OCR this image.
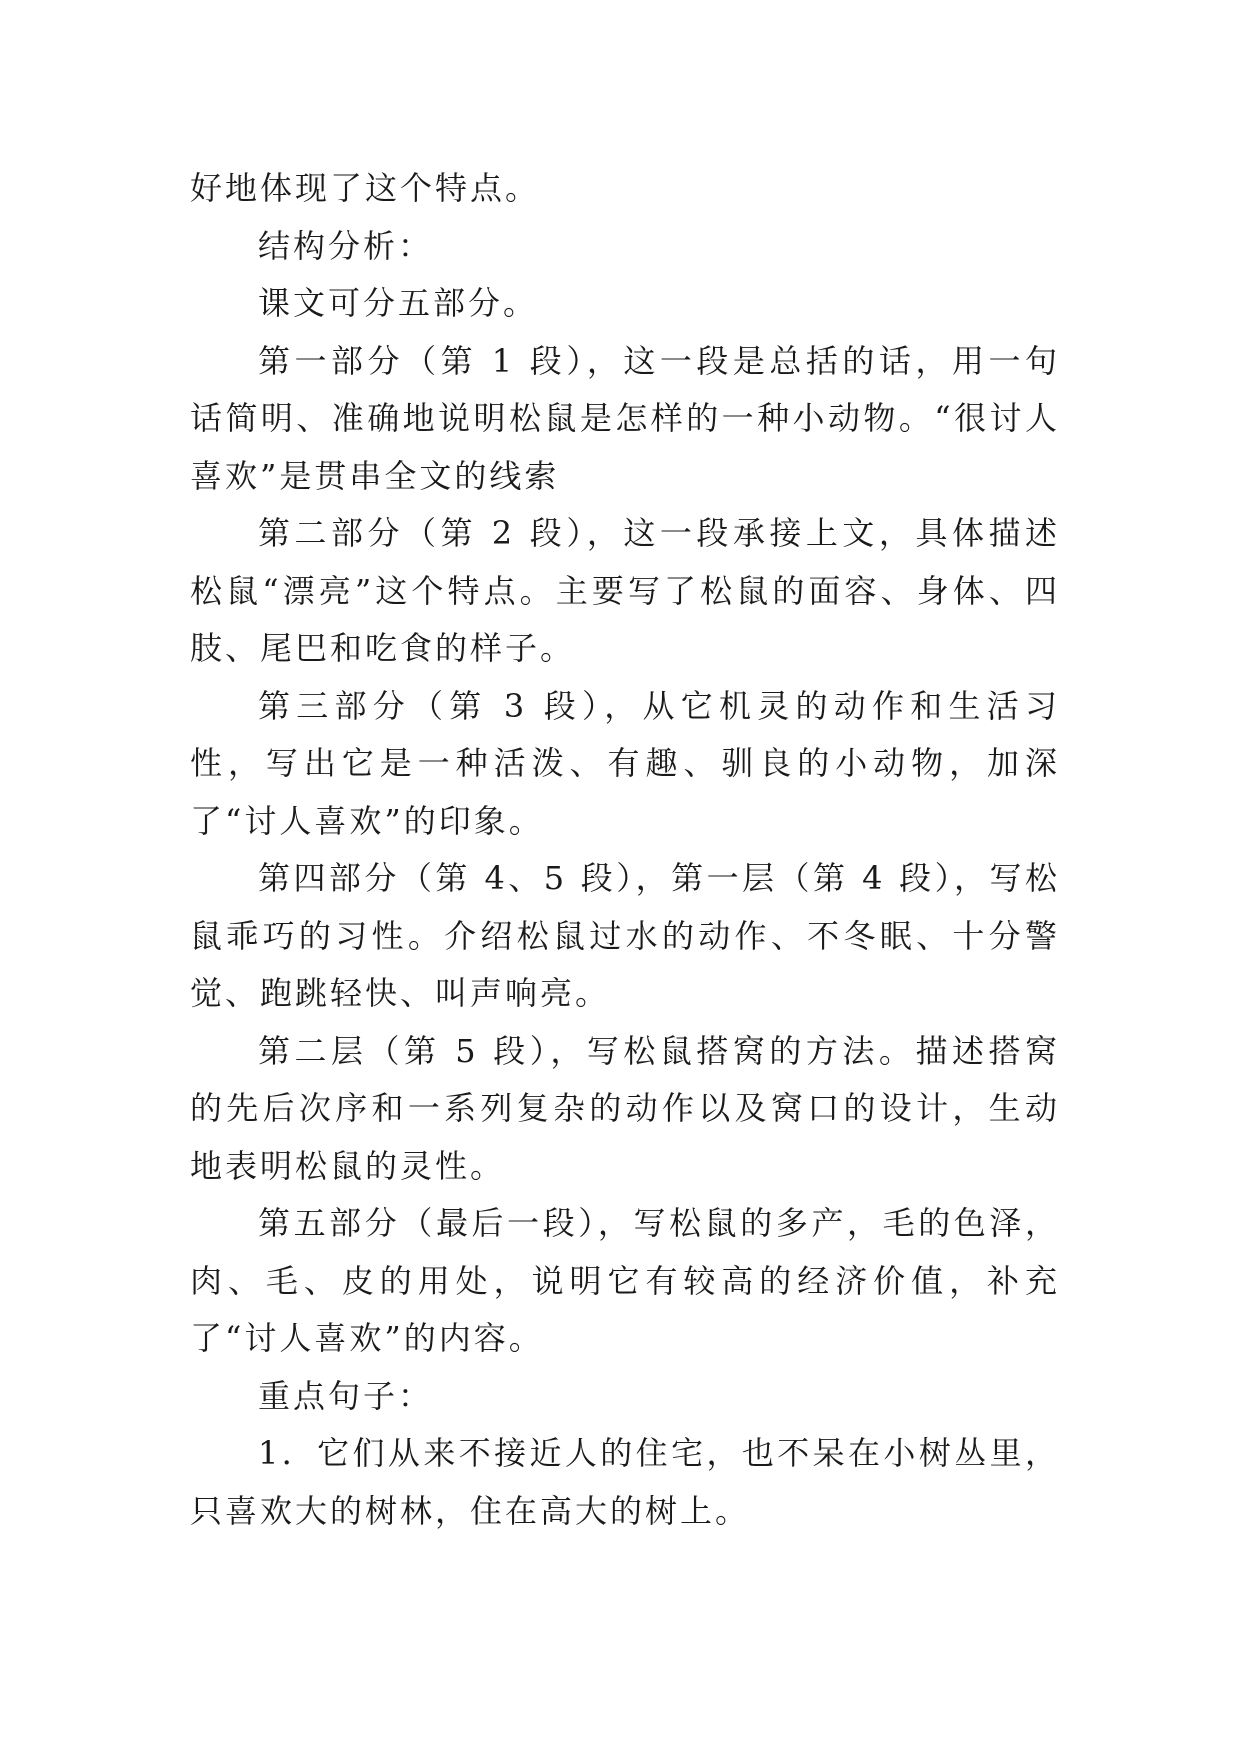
好地体现了这个特点。

结构分析：

课文可分五部分。

第一部分（第 1 段），这一段是总括的话，用一句话简明、准确地说明松鼠是怎样的一种小动物。“很讨人喜欢”是贯串全文的线索

第二部分（第 2 段），这一段承接上文，具体描述松鼠“漂亮”这个特点。主要写了松鼠的面容、身体、四肢、尾巴和吃食的样子。

第三部分（第 3 段），从它机灵的动作和生活习性，写出它是一种活泼、有趣、驯良的小动物，加深了“讨人喜欢”的印象。

第四部分（第 4、5 段），第一层（第 4 段），写松鼠乖巧的习性。介绍松鼠过水的动作、不冬眠、十分警觉、跑跳轻快、叫声响亮。

第二层（第 5 段），写松鼠搭窝的方法。描述搭窝的先后次序和一系列复杂的动作以及窝口的设计，生动地表明松鼠的灵性。

第五部分（最后一段），写松鼠的多产，毛的色泽，肉、毛、皮的用处，说明它有较高的经济价值，补充了“讨人喜欢”的内容。

重点句子：

1．它们从来不接近人的住宅，也不呆在小树丛里，只喜欢大的树林，住在高大的树上。
